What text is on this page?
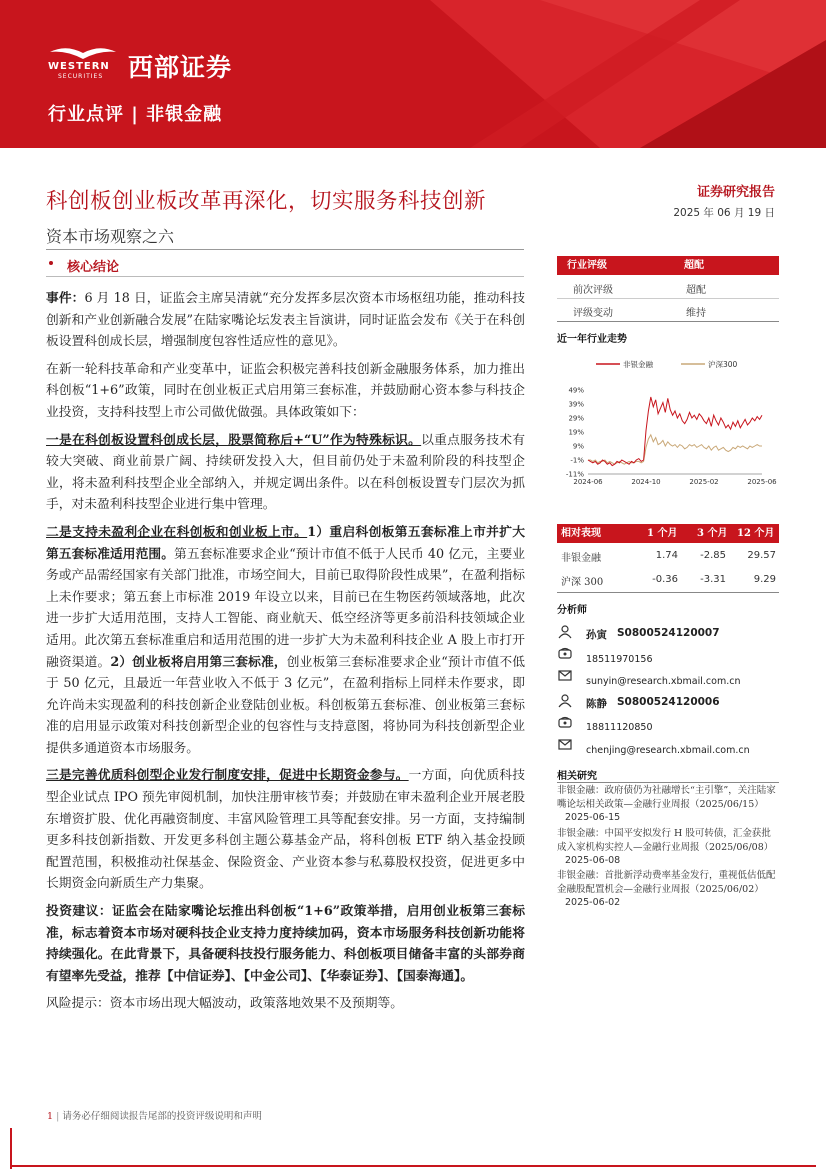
WESTERN
SECURITIES 西部证券
行业点评 | 非银金融
科创板创业板改革再深化，切实服务科技创新
资本市场观察之六
证券研究报告
2025 年 06 月 19 日
核心结论

事件：6 月 18 日，证监会主席吴清就“充分发挥多层次资本市场枢纽功能，推动科技创新和产业创新融合发展”在陆家嘴论坛发表主旨演讲，同时证监会发布《关于在科创板设置科创成长层，增强制度包容性适应性的意见》。

在新一轮科技革命和产业变革中，证监会积极完善科技创新金融服务体系，加力推出科创板“1+6”政策，同时在创业板正式启用第三套标准，并鼓励耐心资本参与科技企业投资，支持科技型上市公司做优做强。具体政策如下：

一是在科创板设置科创成长层，股票简称后+“U”作为特殊标识。以重点服务技术有较大突破、商业前景广阔、持续研发投入大，但目前仍处于未盈利阶段的科技型企业，将未盈利科技型企业全部纳入，并规定调出条件。以在科创板设置专门层次为抓手，对未盈利科技型企业进行集中管理。

二是支持未盈利企业在科创板和创业板上市。1）重启科创板第五套标准上市并扩大第五套标准适用范围。第五套标准要求企业“预计市值不低于人民币 40 亿元，主要业务或产品需经国家有关部门批准，市场空间大，目前已取得阶段性成果”，在盈利指标上未作要求；第五套上市标准 2019 年设立以来，目前已在生物医药领域落地，此次进一步扩大适用范围，支持人工智能、商业航天、低空经济等更多前沿科技领域企业适用。此次第五套标准重启和适用范围的进一步扩大为未盈利科技企业 A 股上市打开融资渠道。2）创业板将启用第三套标准，创业板第三套标准要求企业“预计市值不低于 50 亿元，且最近一年营业收入不低于 3 亿元”，在盈利指标上同样未作要求，即允许尚未实现盈利的科技创新企业登陆创业板。科创板第五套标准、创业板第三套标准的启用显示政策对科技创新型企业的包容性与支持意图，将协同为科技创新型企业提供多通道资本市场服务。

三是完善优质科创型企业发行制度安排，促进中长期资金参与。一方面，向优质科技型企业试点 IPO 预先审阅机制，加快注册审核节奏；并鼓励在审未盈利企业开展老股东增资扩股、优化再融资制度、丰富风险管理工具等配套安排。另一方面，支持编制更多科技创新指数、开发更多科创主题公募基金产品，将科创板 ETF 纳入基金投顾配置范围，积极推动社保基金、保险资金、产业资本参与私募股权投资，促进更多中长期资金向新质生产力集聚。

投资建议：证监会在陆家嘴论坛推出科创板“1+6”政策举措，启用创业板第三套标准，标志着资本市场对硬科技企业支持力度持续加码，资本市场服务科技创新功能将持续强化。在此背景下，具备硬科技投行服务能力、科创板项目储备丰富的头部券商有望率先受益，推荐【中信证券】、【中金公司】、【华泰证券】、【国泰海通】。

风险提示：资本市场出现大幅波动，政策落地效果不及预期等。

行业评级	超配
前次评级	超配
评级变动	维持
近一年行业走势
非银金融	沪深300
49%
39%
29%
19%
9%
-1%
-11%
2024-06	2024-10	2025-02	2025-06
相对表现	1 个月 3 个月 12 个月
非银金融	1.74	-2.85	29.57
沪深 300	-0.36	-3.31	9.29
分析师
孙寅 S0800524120007
18511970156
sunyin@research.xbmail.com.cn
陈静 S0800524120006
18811120850
chenjing@research.xbmail.com.cn
相关研究
非银金融：政府债仍为社融增长“主引擎”，关注陆家嘴论坛相关政策—金融行业周报（2025/06/15） 2025-06-15
非银金融：中国平安拟发行 H 股可转债，汇金获批成入家机构实控人—金融行业周报（2025/06/08） 2025-06-08
非银金融：首批新浮动费率基金发行，重视低估低配金融股配置机会—金融行业周报（2025/06/02） 2025-06-02
1 | 请务必仔细阅读报告尾部的投资评级说明和声明
